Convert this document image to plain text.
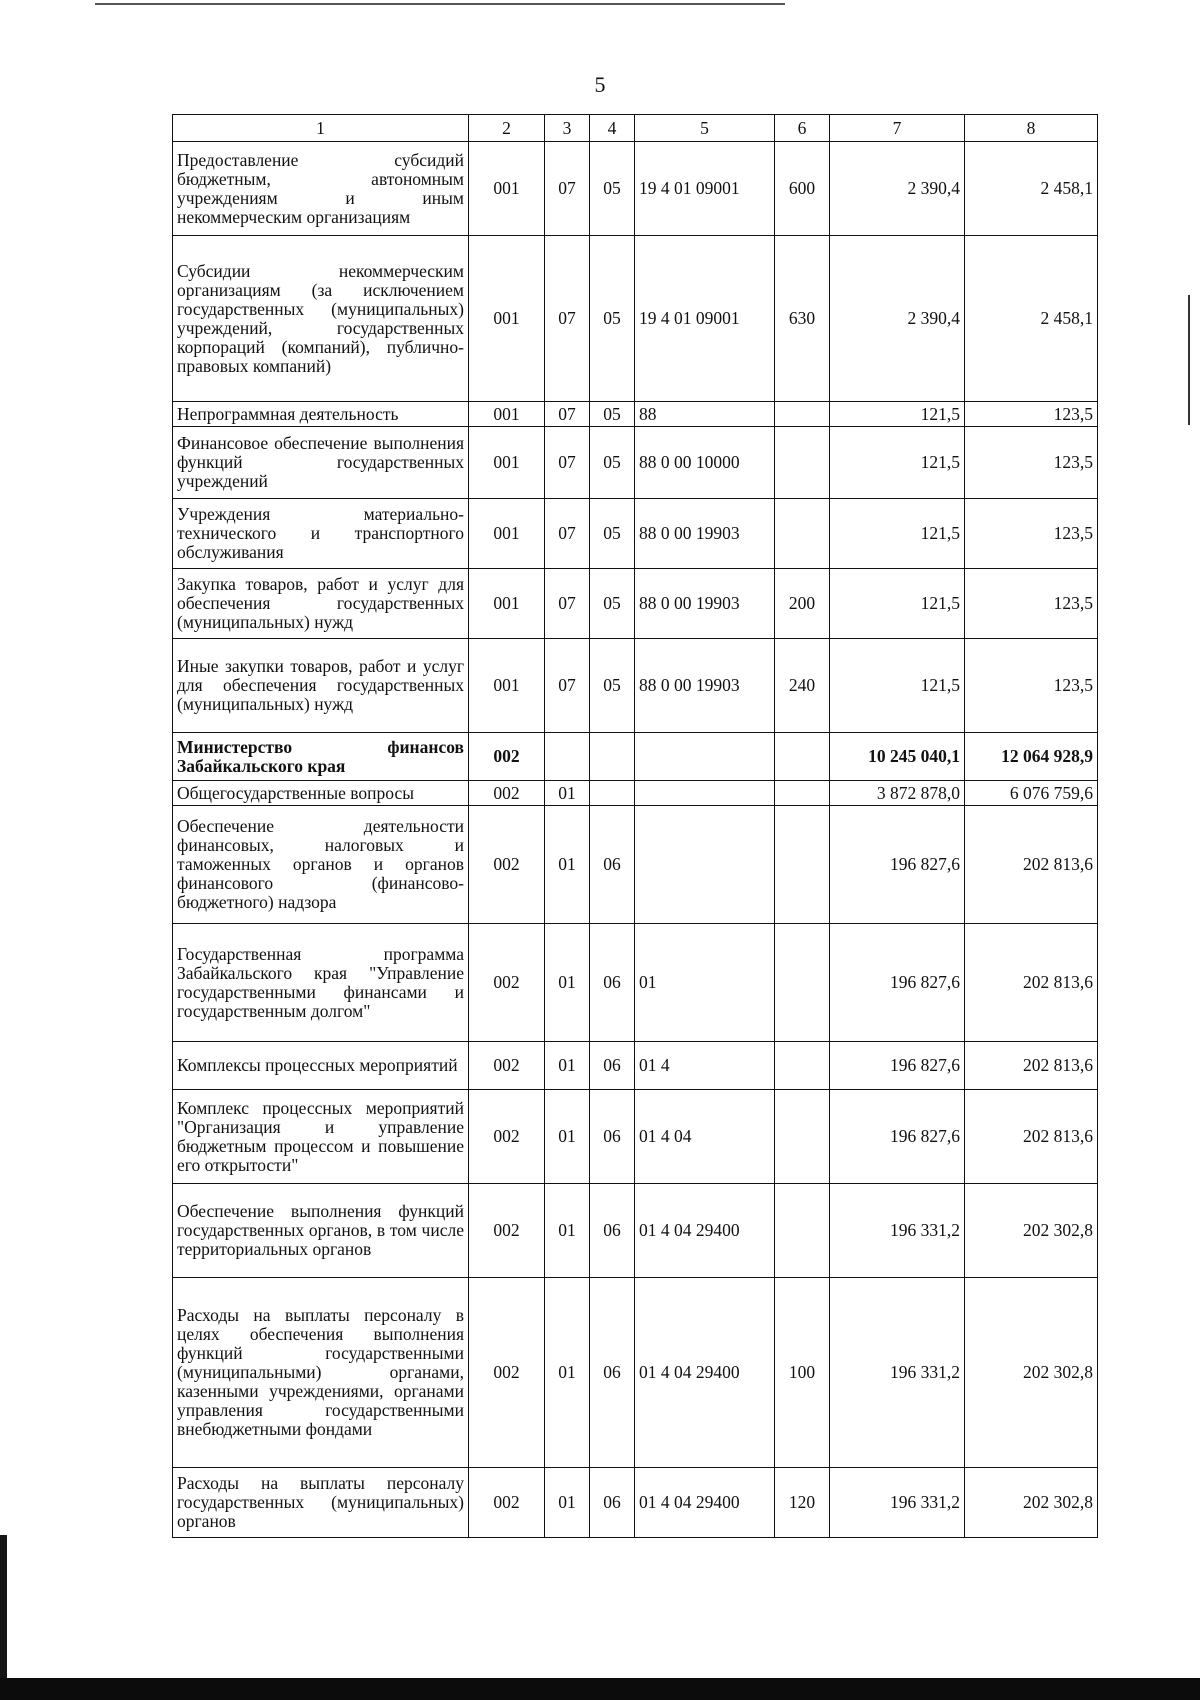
5
1	2	3	4	5	6	7	8
Предоставление субсидий бюджетным, автономным учреждениям и иным некоммерческим организациям	001	07	05	19 4 01 09001	600	2 390,4	2 458,1
Субсидии некоммерческим организациям (за исключением государственных (муниципальных) учреждений, государственных корпораций (компаний), публично-правовых компаний)	001	07	05	19 4 01 09001	630	2 390,4	2 458,1
Непрограммная деятельность	001	07	05	88		121,5	123,5
Финансовое обеспечение выполнения функций государственных учреждений	001	07	05	88 0 00 10000		121,5	123,5
Учреждения материально-технического и транспортного обслуживания	001	07	05	88 0 00 19903		121,5	123,5
Закупка товаров, работ и услуг для обеспечения государственных (муниципальных) нужд	001	07	05	88 0 00 19903	200	121,5	123,5
Иные закупки товаров, работ и услуг для обеспечения государственных (муниципальных) нужд	001	07	05	88 0 00 19903	240	121,5	123,5
Министерство финансов Забайкальского края	002					10 245 040,1	12 064 928,9
Общегосударственные вопросы	002	01				3 872 878,0	6 076 759,6
Обеспечение деятельности финансовых, налоговых и таможенных органов и органов финансового (финансово-бюджетного) надзора	002	01	06			196 827,6	202 813,6
Государственная программа Забайкальского края "Управление государственными финансами и государственным долгом"	002	01	06	01		196 827,6	202 813,6
Комплексы процессных мероприятий	002	01	06	01 4		196 827,6	202 813,6
Комплекс процессных мероприятий "Организация и управление бюджетным процессом и повышение его открытости"	002	01	06	01 4 04		196 827,6	202 813,6
Обеспечение выполнения функций государственных органов, в том числе территориальных органов	002	01	06	01 4 04 29400		196 331,2	202 302,8
Расходы на выплаты персоналу в целях обеспечения выполнения функций государственными (муниципальными) органами, казенными учреждениями, органами управления государственными внебюджетными фондами	002	01	06	01 4 04 29400	100	196 331,2	202 302,8
Расходы на выплаты персоналу государственных (муниципальных) органов	002	01	06	01 4 04 29400	120	196 331,2	202 302,8
